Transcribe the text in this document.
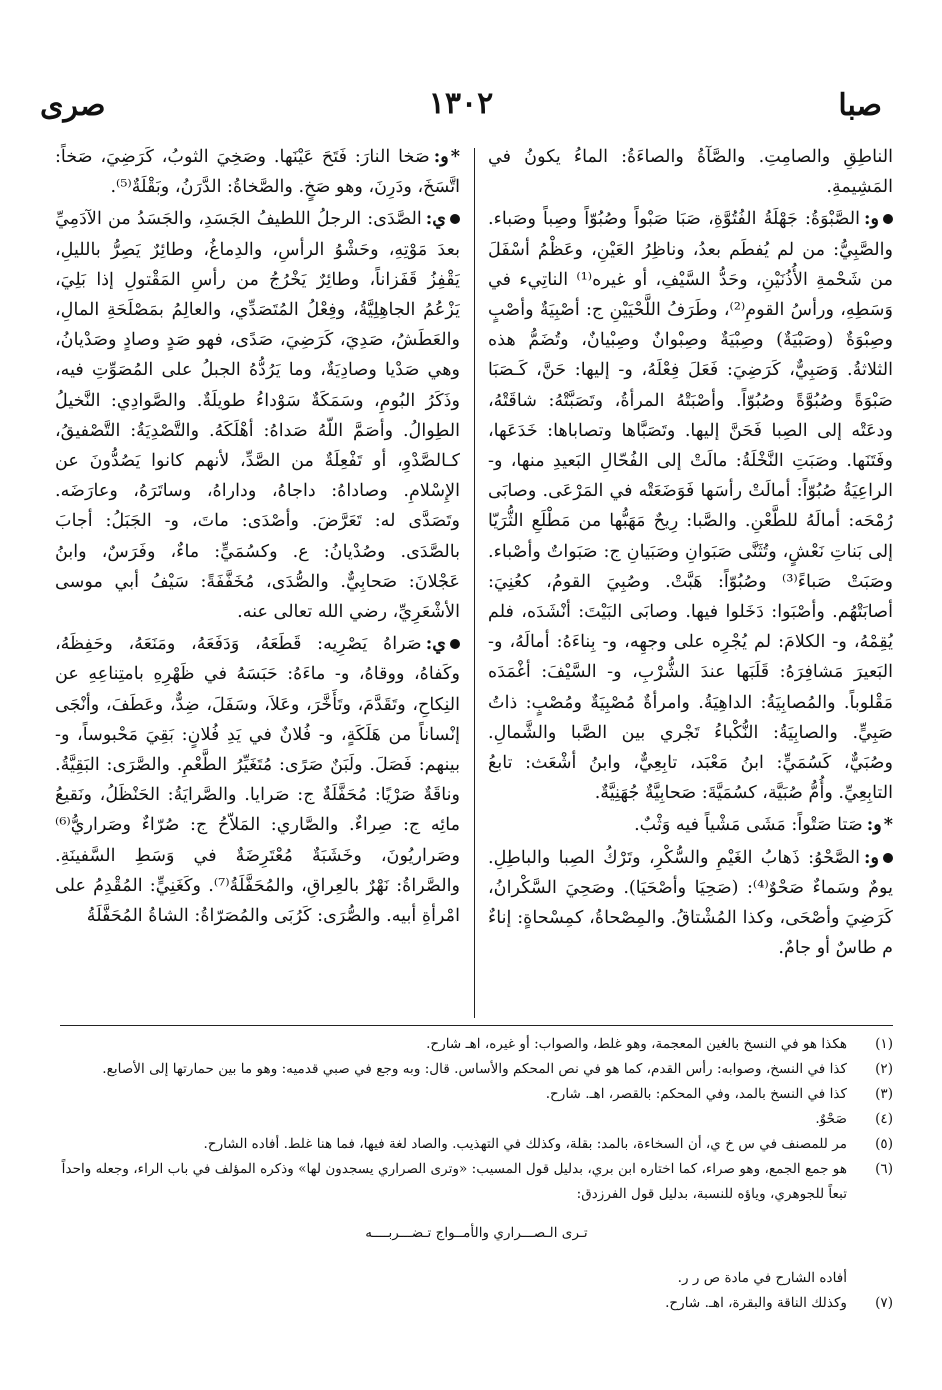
صبا
١٣٠٢
صرى

الناطِقِ والصامِتِ. والصَّآةُ والصاءَةُ: الماءُ يكونُ في المَشِيمةِ.

و:الصَّبْوَةُ: جَهْلَةُ الفُتُوَّةِ، صَبَا صَبْواً وصُبُوّاً وصِباً وصَباء. والصَّبِيُّ: من لم يُفطَم بعدُ، وناظِرُ العَيْنِ، وعَظْمُ أسْفَلَ من شَحْمةِ الأُذُنَيْنِ، وحَدُّ السَّيْفِ، أو غيره⁽¹⁾ الناتِيء في وَسَطِهِ، ورأسُ القومِ⁽²⁾، وطَرَفُ اللَّحْيَيْنِ ج: أصْبِيَةٌ وأصْبٍ وصِبْوَةٌ (وصَبْيَةٌ) وصِبْيَةٌ وصِبْوانٌ وصِبْيانٌ، وتُضَمُّ هذه الثلاثةُ. وَصَبِيٌّ، كَرَضِيَ: فَعَلَ فِعْلَهُ، و- إليها: حَنَّ، كَـصَبَا صَبْوَةً وصُبُوَّةً وصُبُوّاً. وأصْبَتْهُ المرأةُ، وتَصَبَّتْهُ: شاقَتْهُ، ودعَتْه إلى الصِبا فَحَنَّ إليها. وتَصَبَّاها وتصاباها: خَدَعَها، وفَتَنَها. وصَبَتِ النَّخْلَةُ: مالَتْ إلى الفُحّالِ البَعيدِ منها، و- الراعِيَةُ صُبُوّاً: أمالَتْ رأسَها فَوَضَعَتْه في المَرْعَى. وصابَى رُمْحَه: أمالَهُ للطَّعْنِ. والصَّبا: رِيحٌ مَهَبُّها من مَطْلَعِ الثُّرَيّا إلى بَناتِ نَعْشٍ، وتُثَنَّى صَبَوانِ وصَبَيانِ ج: صَبَواتٌ وأصْباء. وصَبَتْ صَباءً⁽³⁾ وصُبُوّاً: هَبَّتْ. وصُبِيَ القومُ، كعُنِيَ: أصابَتْهُم. وأصْبَوا: دَخَلوا فيها. وصابَى البَيْتَ: أنْشَدَه، فلم يُقِمْهُ، و- الكلامَ: لم يُجْرِه على وجهِه، و- بِناءَهُ: أمالَهُ، و- البَعيرَ مَشافِرَهُ: قَلَبَها عندَ الشُّرْبِ، و- السَّيْفَ: أغْمَدَه مَقْلوباً. والمُصابِيَةُ: الداهِيَةُ. وامرأةٌ مُصْبِيَةٌ ومُصْبٍ: ذاتُ صَبِيٍّ. والصابِيَةُ: النُّكْباءُ تَجْري بين الصَّبا والشَّمالِ. وصُبَيٌّ، كَسُمَيٍّ: ابنُ مَعْبَد، تابِعِيٌّ، وابنُ أشْعَث: تابعُ التابِعِيِّ. وأُمُّ صُبَيَّة، كسُمَيَّةَ: صَحابِيَّةٌ جُهَنِيَّةٌ.

*و:صَتا صَتْواً: مَشَى مَشْياً فيه وَثْبٌ.

و:الصَّحْوُ: ذَهابُ الغَيْمِ والسُّكْرِ، وتَرْكُ الصِبا والباطِلِ. يومٌ وسَماءٌ صَحْوٌ⁽⁴⁾: (صَحِيَا وأصْحَيَا). وصَحِيَ السَّكْرانُ، كَرَضِيَ وأصْحَى، وكذا المُشْتاقُ. والمِصْحاةُ، كمِسْحاةٍ: إناءٌ م طاسٌ أو جامٌ.

*و:صَخا النارَ: فَتَحَ عَيْنَها. وصَخِيَ الثوبُ، كَرَضِيَ، صَخاً: اتَّسَخَ، ودَرِنَ، وهو صَخٍ. والصَّخاةُ: الدَّرَنُ، وبَقْلَةٌ⁽⁵⁾.

ي:الصَّدَى: الرجلُ اللطيفُ الجَسَدِ، والجَسَدُ من الآدَمِيِّ بعدَ مَوْتِهِ، وحَشْوُ الرأسِ، والدِماغُ، وطائِرٌ يَصِرُّ بالليلِ، يَقْفِزُ قَفَزاناً، وطائِرٌ يَخْرُجُ من رأسِ المَقْتولِ إذا بَلِيَ، يَزْعُمُ الجاهِلِيَّةُ، وفِعْلُ المُتَصَدِّي، والعالِمُ بمَصْلَحَةِ المالِ، والعَطَشُ، صَدِيَ، كَرَضِيَ، صَدًى، فهو صَدٍ وصادٍ وصَدْيانُ، وهي صَدْيا وصادِيَةٌ، وما يَرُدُّهُ الجبلُ على المُصَوِّتِ فيه، وذَكَرُ البُومِ، وسَمَكَةٌ سَوْداءُ طويلَةٌ. والصَّوادِي: النَّخيلُ الطِوالُ. وأصَمَّ اللّهُ صَداهُ: أهْلَكَهُ. والتَّصْدِيَةُ: التَّصْفيقُ، كـالصَّدْوِ، أو تَفْعِلَةٌ من الصَّدِّ، لأنهم كانوا يَصُدُّونَ عن الإِسْلامِ. وصاداهُ: داجاهُ، وداراهُ، وساتَرَهُ، وعارَضَه. وتَصَدَّى له: تَعَرَّضَ. وأصْدَى: ماتَ، و- الجَبَلُ: أجابَ بالصَّدَى. وصُدْيانُ: ع. وكسُمَيٍّ: ماءٌ، وفَرَسٌ، وابنُ عَجْلانَ: صَحابِيٌّ. والصُّدَى، مُخَفَّفَةً: سَيْفُ أبي موسى الأشْعَرِيِّ، رضي الله تعالى عنه.

ي:صَراهُ يَصْرِيه: قَطَعَهُ، وَدَفَعَهُ، ومَنَعَهُ، وحَفِظَهُ، وكَفاهُ، ووقاهُ، و- ماءَهُ: حَبَسَهُ في ظَهْرِهِ بامتِناعِهِ عن النِكاحِ، وتَقَدَّمَ، وتَأَخَّرَ، وعَلاَ، وسَفَلَ، ضِدٌّ، وعَطَفَ، وأنْجَى إنْساناً من هَلَكَةٍ، و- فُلانٌ في يَدِ فُلانٍ: بَقِيَ مَحْبوساً، و- بينهم: فَصَلَ. ولَبَنٌ صَرًى: مُتَغَيِّرُ الطَّعْمِ. والصَّرَى: البَقِيَّةُ. وناقَةٌ صَرْيًا: مُحَفَّلَةٌ ج: صَرايا. والصَّرايَةُ: الحَنْظَلُ، ونَقيعُ مائِه ج: صِراءٌ. والصَّاري: المَلاّحُ ج: صُرّاءٌ وصَراريُّ⁽⁶⁾ وصَراريُونَ، وخَشَبَةٌ مُعْتَرِضَةٌ في وَسَطِ السَّفينَةِ. والصَّراةُ: نَهْرٌ بالعِراقِ، والمُحَفَّلَةُ⁽⁷⁾. وكَغَنِيٍّ: المُقْدِمُ على امْرأةِ أبيه. والصُّرَى: كَرُبَى والمُصَرّاةُ: الشاةُ المُحَفَّلَةُ

(١)
هكذا هو في النسخ بالغين المعجمة، وهو غلط، والصواب: أو غيره، اهـ شارح.

(٢)
كذا في النسخ، وصوابه: رأس القدم، كما هو في نص المحكم والأساس. قال: وبه وجع في صبي قدميه: وهو ما بين حمارتها إلى الأصابع.

(٣)
كذا في النسخ بالمد، وفي المحكم: بالقصر، اهـ. شارح.

(٤)
صَحْوٌ.

(٥)
مر للمصنف في س خ ي، أن السخاءة، بالمد: بقلة، وكذلك في التهذيب. والصاد لغة فيها، فما هنا غلط. أفاده الشارح.

(٦)
هو جمع الجمع، وهو صراء، كما اختاره ابن بري، بدليل قول المسيب: «وترى الصراري يسجدون لها» وذكره المؤلف في باب الراء، وجعله واحداً تبعاً للجوهري، وياؤه للنسبة، بدليل قول الفرزدق:

تـرى الـصـــراري والأمــواج تـضـــربــــه
أفاده الشارح في مادة ص ر ر.

(٧)
وكذلك الناقة والبقرة، اهـ. شارح.
